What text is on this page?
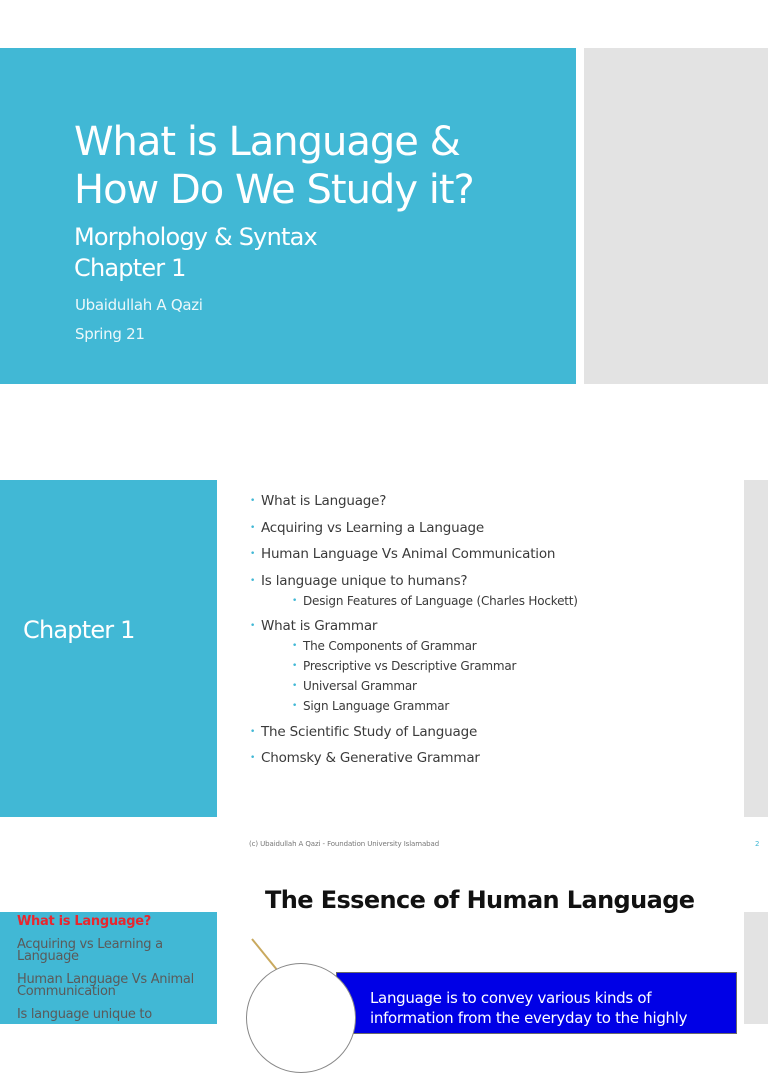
What is Language &
How Do We Study it?
Morphology & Syntax
Chapter 1
Ubaidullah A Qazi
Spring 21
Chapter 1
• What is Language?
• Acquiring vs Learning a Language
• Human Language Vs Animal Communication
• Is language unique to humans?
• Design Features of Language (Charles Hockett)
• What is Grammar
• The Components of Grammar
• Prescriptive vs Descriptive Grammar
• Universal Grammar
• Sign Language Grammar
• The Scientific Study of Language
• Chomsky & Generative Grammar
(c) Ubaidullah A Qazi - Foundation University Islamabad	2
The Essence of Human Language
What is Language?
Acquiring vs Learning a Language
Human Language Vs Animal Communication
Is language unique to
Language is to convey various kinds of
information from the everyday to the highly
